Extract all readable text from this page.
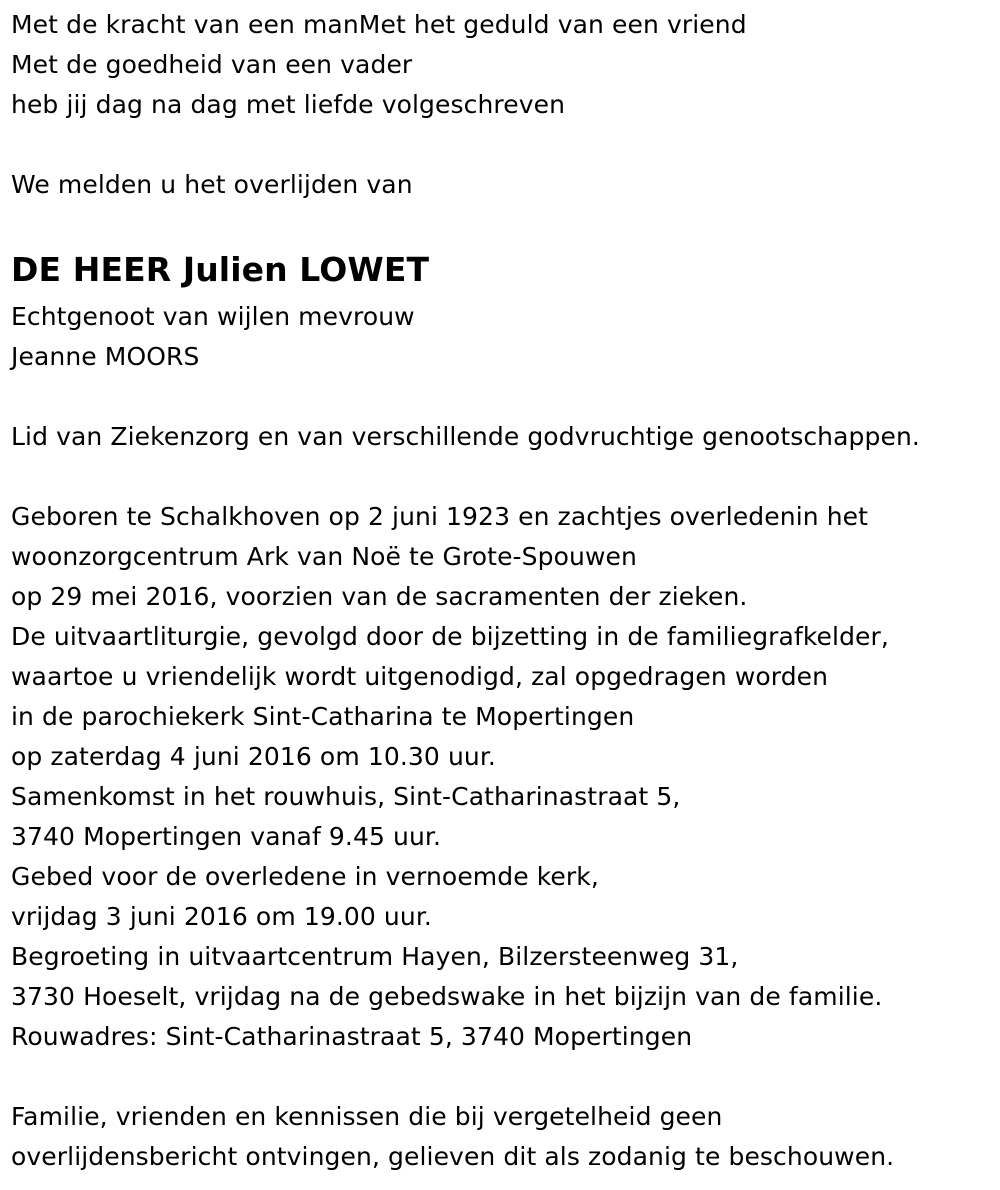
Met de kracht van een manMet het geduld van een vriend
Met de goedheid van een vader
heb jij dag na dag met liefde volgeschreven
We melden u het overlijden van
DE HEER Julien LOWET
Echtgenoot van wijlen mevrouw
Jeanne MOORS
Lid van Ziekenzorg en van verschillende godvruchtige genootschappen.
Geboren te Schalkhoven op 2 juni 1923 en zachtjes overledenin het
woonzorgcentrum Ark van Noë te Grote-Spouwen
op 29 mei 2016, voorzien van de sacramenten der zieken.
De uitvaartliturgie, gevolgd door de bijzetting in de familiegrafkelder,
waartoe u vriendelijk wordt uitgenodigd, zal opgedragen worden
in de parochiekerk Sint-Catharina te Mopertingen
op zaterdag 4 juni 2016 om 10.30 uur.
Samenkomst in het rouwhuis, Sint-Catharinastraat 5,
3740 Mopertingen vanaf 9.45 uur.
Gebed voor de overledene in vernoemde kerk,
vrijdag 3 juni 2016 om 19.00 uur.
Begroeting in uitvaartcentrum Hayen, Bilzersteenweg 31,
3730 Hoeselt, vrijdag na de gebedswake in het bijzijn van de familie.
Rouwadres: Sint-Catharinastraat 5, 3740 Mopertingen
Familie, vrienden en kennissen die bij vergetelheid geen
overlijdensbericht ontvingen, gelieven dit als zodanig te beschouwen.
